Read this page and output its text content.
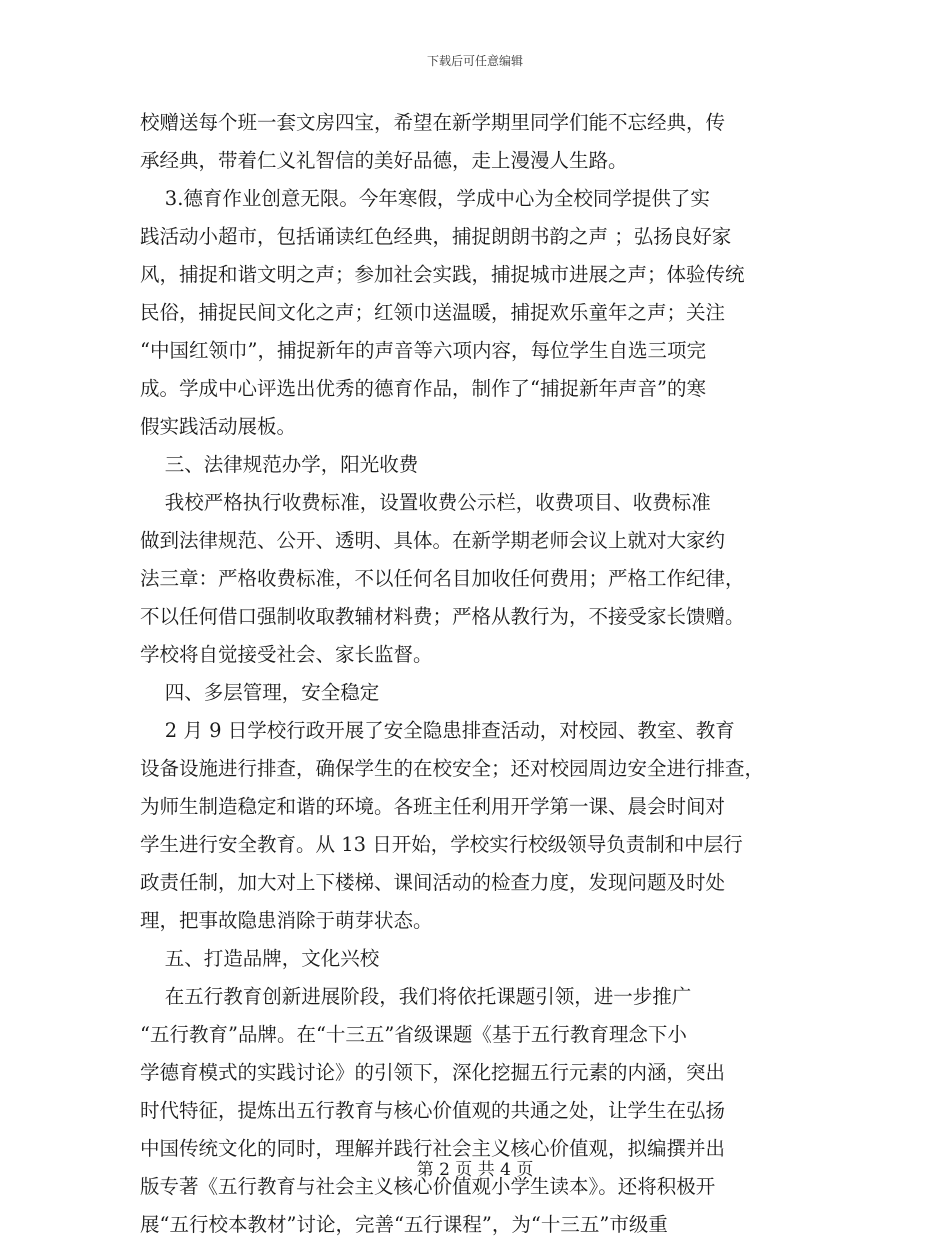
下载后可任意编辑
校赠送每个班一套文房四宝，希望在新学期里同学们能不忘经典，传
承经典，带着仁义礼智信的美好品德，走上漫漫人生路。
3.德育作业创意无限。今年寒假，学成中心为全校同学提供了实
践活动小超市，包括诵读红色经典，捕捉朗朗书韵之声 ；弘扬良好家
风，捕捉和谐文明之声；参加社会实践，捕捉城市进展之声；体验传统
民俗，捕捉民间文化之声；红领巾送温暖，捕捉欢乐童年之声；关注
“中国红领巾”，捕捉新年的声音等六项内容，每位学生自选三项完
成。学成中心评选出优秀的德育作品，制作了“捕捉新年声音”的寒
假实践活动展板。
三、法律规范办学，阳光收费
我校严格执行收费标准，设置收费公示栏，收费项目、收费标准
做到法律规范、公开、透明、具体。在新学期老师会议上就对大家约
法三章：严格收费标准，不以任何名目加收任何费用；严格工作纪律，
不以任何借口强制收取教辅材料费；严格从教行为，不接受家长馈赠。
学校将自觉接受社会、家长监督。
四、多层管理，安全稳定
2 月 9 日学校行政开展了安全隐患排查活动，对校园、教室、教育
设备设施进行排查，确保学生的在校安全；还对校园周边安全进行排查，
为师生制造稳定和谐的环境。各班主任利用开学第一课、晨会时间对
学生进行安全教育。从 13 日开始，学校实行校级领导负责制和中层行
政责任制，加大对上下楼梯、课间活动的检查力度，发现问题及时处
理，把事故隐患消除于萌芽状态。
五、打造品牌，文化兴校
在五行教育创新进展阶段，我们将依托课题引领，进一步推广
“五行教育”品牌。在“十三五”省级课题《基于五行教育理念下小
学德育模式的实践讨论》的引领下，深化挖掘五行元素的内涵，突出
时代特征，提炼出五行教育与核心价值观的共通之处，让学生在弘扬
中国传统文化的同时，理解并践行社会主义核心价值观，拟编撰并出
版专著《五行教育与社会主义核心价值观小学生读本》。还将积极开
展“五行校本教材”讨论，完善“五行课程”，为“十三五”市级重
第 2 页 共 4 页
